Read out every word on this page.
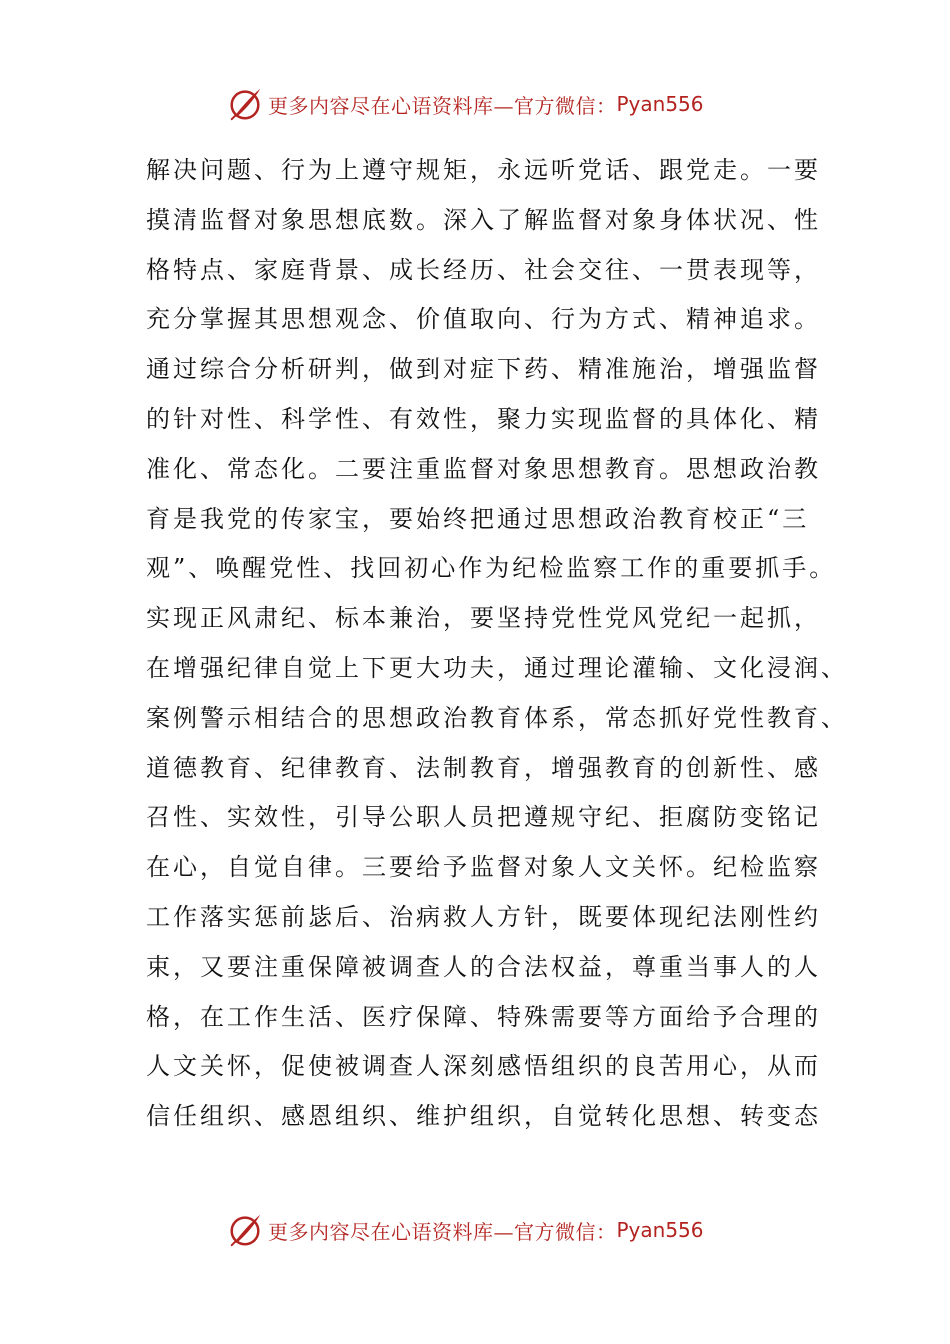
更多内容尽在心语资料库—官方微信： Pyan556
解决问题、行为上遵守规矩，永远听党话、跟党走。一要
摸清监督对象思想底数。深入了解监督对象身体状况、性
格特点、家庭背景、成长经历、社会交往、一贯表现等，
充分掌握其思想观念、价值取向、行为方式、精神追求。
通过综合分析研判，做到对症下药、精准施治，增强监督
的针对性、科学性、有效性，聚力实现监督的具体化、精
准化、常态化。二要注重监督对象思想教育。思想政治教
育是我党的传家宝，要始终把通过思想政治教育校正“三
观”、唤醒党性、找回初心作为纪检监察工作的重要抓手。
实现正风肃纪、标本兼治，要坚持党性党风党纪一起抓，
在增强纪律自觉上下更大功夫，通过理论灌输、文化浸润、
案例警示相结合的思想政治教育体系，常态抓好党性教育、
道德教育、纪律教育、法制教育，增强教育的创新性、感
召性、实效性，引导公职人员把遵规守纪、拒腐防变铭记
在心，自觉自律。三要给予监督对象人文关怀。纪检监察
工作落实惩前毖后、治病救人方针，既要体现纪法刚性约
束，又要注重保障被调查人的合法权益，尊重当事人的人
格，在工作生活、医疗保障、特殊需要等方面给予合理的
人文关怀，促使被调查人深刻感悟组织的良苦用心，从而
信任组织、感恩组织、维护组织，自觉转化思想、转变态
更多内容尽在心语资料库—官方微信： Pyan556
